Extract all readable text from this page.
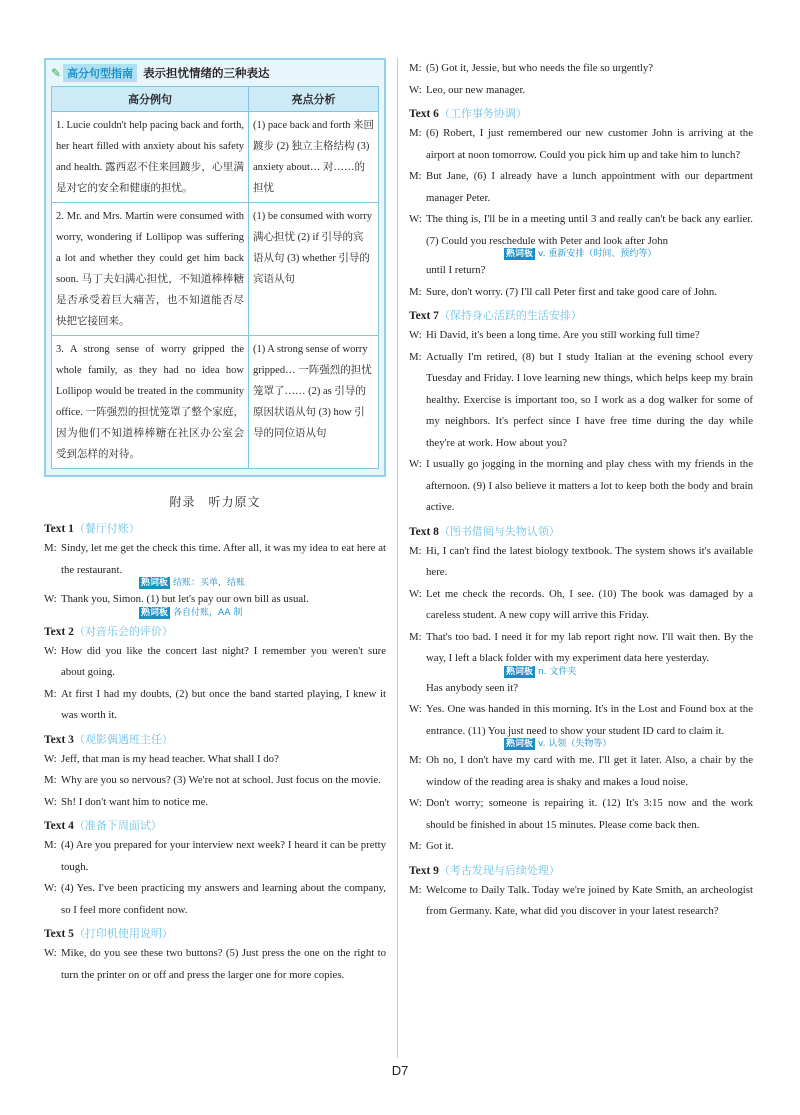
✎ 高分句型指南 表示担忧情绪的三种表达
高分例句	亮点分析
1. Lucie couldn't help pacing back and forth, her heart filled with anxiety about his safety and health. 露西忍不住来回踱步，心里满是对它的安全和健康的担忧。	(1) pace back and forth 来回踱步 (2) 独立主格结构 (3) anxiety about… 对……的担忧
2. Mr. and Mrs. Martin were consumed with worry, wondering if Lollipop was suffering a lot and whether they could get him back soon. 马丁夫妇满心担忧，不知道棒棒糖是否承受着巨大痛苦，也不知道能否尽快把它接回来。	(1) be consumed with worry 满心担忧 (2) if 引导的宾语从句 (3) whether 引导的宾语从句
3. A strong sense of worry gripped the whole family, as they had no idea how Lollipop would be treated in the community office. 一阵强烈的担忧笼罩了整个家庭，因为他们不知道棒棒糖在社区办公室会受到怎样的对待。	(1) A strong sense of worry gripped… 一阵强烈的担忧笼罩了…… (2) as 引导的原因状语从句 (3) how 引导的同位语从句
附录　听力原文
Text 1（餐厅付账）
M: Sindy, let me get the check this time. After all, it was my idea to eat here at the restaurant.
熟词板 结账：买单，结账
W: Thank you, Simon. (1) but let's pay our own bill as usual.
熟词板 各自付账，AA 制
Text 2（对音乐会的评价）
W: How did you like the concert last night? I remember you weren't sure about going.
M: At first I had my doubts, (2) but once the band started playing, I knew it was worth it.
Text 3（观影偶遇班主任）
W: Jeff, that man is my head teacher. What shall I do?
M: Why are you so nervous? (3) We're not at school. Just focus on the movie.
W: Sh! I don't want him to notice me.
Text 4（准备下周面试）
M: (4) Are you prepared for your interview next week? I heard it can be pretty tough.
W: (4) Yes. I've been practicing my answers and learning about the company, so I feel more confident now.
Text 5（打印机使用说明）
W: Mike, do you see these two buttons? (5) Just press the one on the right to turn the printer on or off and press the larger one for more copies.
M: (5) Got it, Jessie, but who needs the file so urgently?
W: Leo, our new manager.
Text 6（工作事务协调）
M: (6) Robert, I just remembered our new customer John is arriving at the airport at noon tomorrow. Could you pick him up and take him to lunch?
M: But Jane, (6) I already have a lunch appointment with our department manager Peter.
W: The thing is, I'll be in a meeting until 3 and really can't be back any earlier. (7) Could you reschedule with Peter and look after John
熟词板 v. 重新安排（时间、预约等）
until I return?
M: Sure, don't worry. (7) I'll call Peter first and take good care of John.
Text 7（保持身心活跃的生活安排）
W: Hi David, it's been a long time. Are you still working full time?
M: Actually I'm retired, (8) but I study Italian at the evening school every Tuesday and Friday. I love learning new things, which helps keep my brain healthy. Exercise is important too, so I work as a dog walker for some of my neighbors. It's perfect since I have free time during the day while they're at work. How about you?
W: I usually go jogging in the morning and play chess with my friends in the afternoon. (9) I also believe it matters a lot to keep both the body and brain active.
Text 8（图书借阅与失物认领）
M: Hi, I can't find the latest biology textbook. The system shows it's available here.
W: Let me check the records. Oh, I see. (10) The book was damaged by a careless student. A new copy will arrive this Friday.
M: That's too bad. I need it for my lab report right now. I'll wait then. By the way, I left a black folder with my experiment data here yesterday.
熟词板 n. 文件夹
Has anybody seen it?
W: Yes. One was handed in this morning. It's in the Lost and Found box at the entrance. (11) You just need to show your student ID card to claim it.
熟词板 v. 认领（失物等）
M: Oh no, I don't have my card with me. I'll get it later. Also, a chair by the window of the reading area is shaky and makes a loud noise.
W: Don't worry; someone is repairing it. (12) It's 3:15 now and the work should be finished in about 15 minutes. Please come back then.
M: Got it.
Text 9（考古发现与后续处理）
M: Welcome to Daily Talk. Today we're joined by Kate Smith, an archeologist from Germany. Kate, what did you discover in your latest research?
D7
